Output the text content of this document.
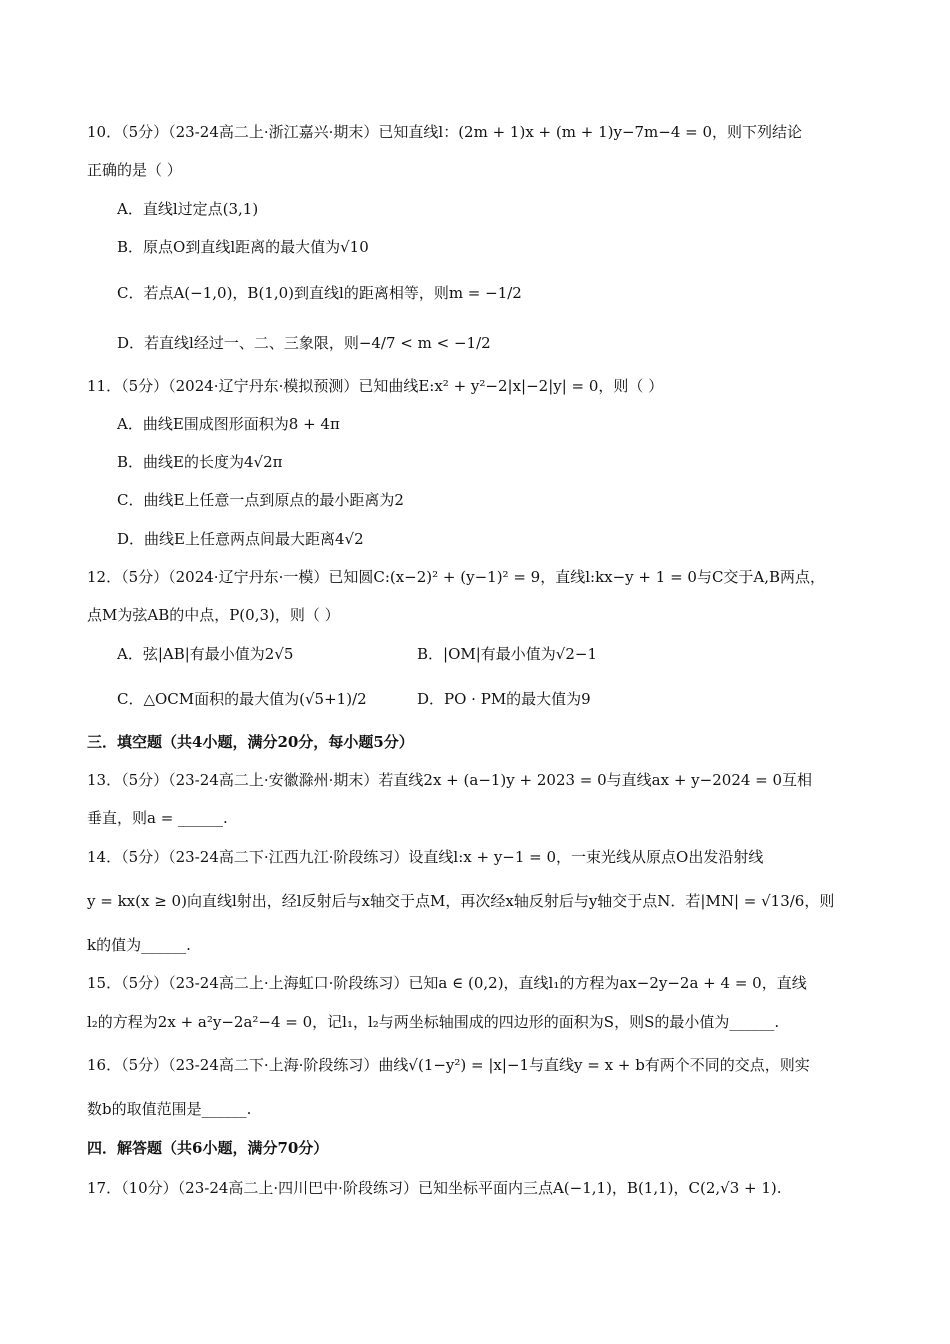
10．（5分）（23-24高二上·浙江嘉兴·期末）已知直线l：(2m + 1)x + (m + 1)y−7m−4 = 0，则下列结论
正确的是（ ）
A．直线l过定点(3,1)
B．原点O到直线l距离的最大值为√10
C．若点A(−1,0)，B(1,0)到直线l的距离相等，则m = −1/2
D．若直线l经过一、二、三象限，则−4/7 < m < −1/2
11．（5分）（2024·辽宁丹东·模拟预测）已知曲线E:x² + y²−2|x|−2|y| = 0，则（ ）
A．曲线E围成图形面积为8 + 4π
B．曲线E的长度为4√2π
C．曲线E上任意一点到原点的最小距离为2
D．曲线E上任意两点间最大距离4√2
12．（5分）（2024·辽宁丹东·一模）已知圆C:(x−2)² + (y−1)² = 9，直线l:kx−y + 1 = 0与C交于A,B两点，
点M为弦AB的中点，P(0,3)，则（ ）
A．弦|AB|有最小值为2√5	B．|OM|有最小值为√2−1
C．△OCM面积的最大值为(√5+1)/2	D．PO · PM的最大值为9
三．填空题（共4小题，满分20分，每小题5分）
13．（5分）（23-24高二上·安徽滁州·期末）若直线2x + (a−1)y + 2023 = 0与直线ax + y−2024 = 0互相
垂直，则a = ______.
14．（5分）（23-24高二下·江西九江·阶段练习）设直线l:x + y−1 = 0，一束光线从原点O出发沿射线
y = kx(x ≥ 0)向直线l射出，经l反射后与x轴交于点M，再次经x轴反射后与y轴交于点N．若|MN| = √13/6，则
k的值为______.
15．（5分）（23-24高二上·上海虹口·阶段练习）已知a ∈ (0,2)，直线l₁的方程为ax−2y−2a + 4 = 0，直线
l₂的方程为2x + a²y−2a²−4 = 0，记l₁，l₂与两坐标轴围成的四边形的面积为S，则S的最小值为______.
16．（5分）（23-24高二下·上海·阶段练习）曲线√(1−y²) = |x|−1与直线y = x + b有两个不同的交点，则实
数b的取值范围是______.
四．解答题（共6小题，满分70分）
17．（10分）（23-24高二上·四川巴中·阶段练习）已知坐标平面内三点A(−1,1)，B(1,1)，C(2,√3 + 1).
